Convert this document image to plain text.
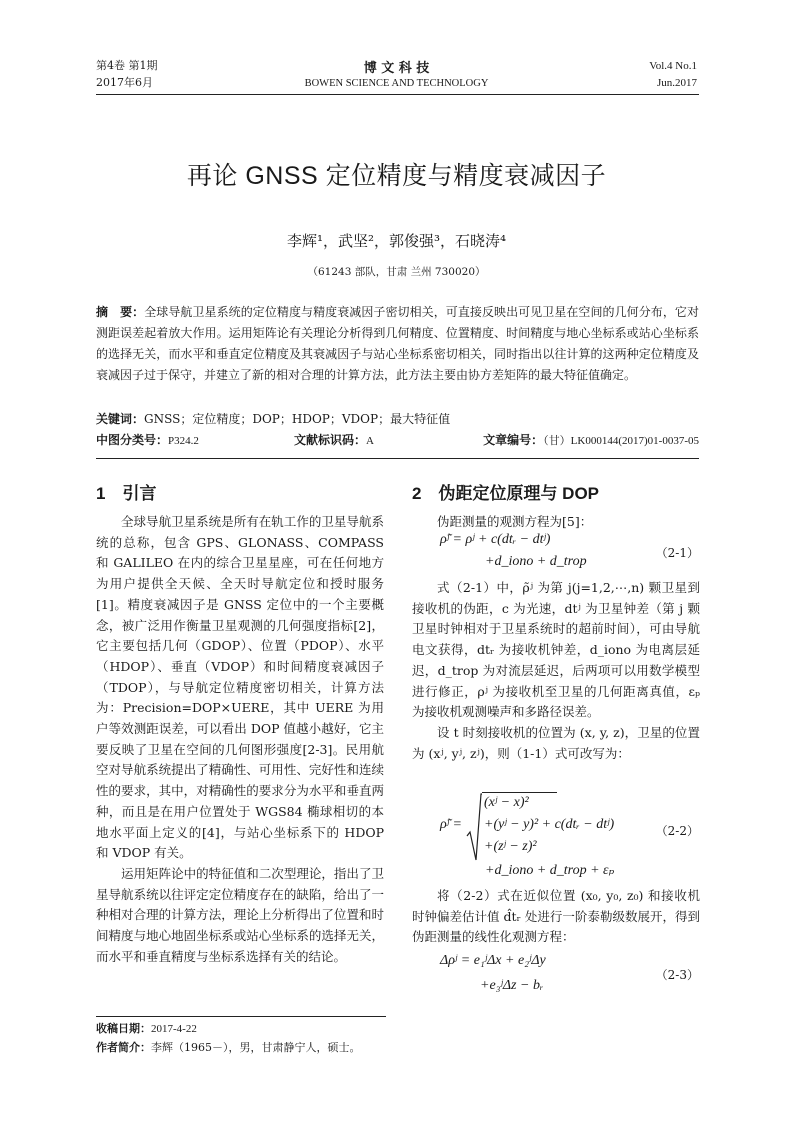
第4卷 第1期
2017年6月
博 文 科 技
BOWEN SCIENCE AND TECHNOLOGY
Vol.4 No.1
Jun.2017
再论 GNSS 定位精度与精度衰减因子
李辉¹，武坚²，郭俊强³，石晓涛⁴
（61243 部队，甘肃 兰州 730020）
摘　要：全球导航卫星系统的定位精度与精度衰减因子密切相关，可直接反映出可见卫星在空间的几何分布，它对测距误差起着放大作用。运用矩阵论有关理论分析得到几何精度、位置精度、时间精度与地心坐标系或站心坐标系的选择无关，而水平和垂直定位精度及其衰减因子与站心坐标系密切相关，同时指出以往计算的这两种定位精度及衰减因子过于保守，并建立了新的相对合理的计算方法，此方法主要由协方差矩阵的最大特征值确定。
关键词：GNSS；定位精度；DOP；HDOP；VDOP；最大特征值
中图分类号：P324.2	文献标识码：A	文章编号：（甘）LK000144(2017)01-0037-05
1　引言

全球导航卫星系统是所有在轨工作的卫星导航系统的总称，包含 GPS、GLONASS、COMPASS 和 GALILEO 在内的综合卫星星座，可在任何地方为用户提供全天候、全天时导航定位和授时服务[1]。精度衰减因子是 GNSS 定位中的一个主要概念，被广泛用作衡量卫星观测的几何强度指标[2]，它主要包括几何（GDOP）、位置（PDOP）、水平（HDOP）、垂直（VDOP）和时间精度衰减因子（TDOP），与导航定位精度密切相关，计算方法为：Precision=DOP×UERE，其中 UERE 为用户等效测距误差，可以看出 DOP 值越小越好，它主要反映了卫星在空间的几何图形强度[2-3]。民用航空对导航系统提出了精确性、可用性、完好性和连续性的要求，其中，对精确性的要求分为水平和垂直两种，而且是在用户位置处于 WGS84 椭球相切的本地水平面上定义的[4]，与站心坐标系下的 HDOP 和 VDOP 有关。

运用矩阵论中的特征值和二次型理论，指出了卫星导航系统以往评定定位精度存在的缺陷，给出了一种相对合理的计算方法，理论上分析得出了位置和时间精度与地心地固坐标系或站心坐标系的选择无关，而水平和垂直精度与坐标系选择有关的结论。

2　伪距定位原理与 DOP

伪距测量的观测方程为[5]：

ρ̃ʲ = ρʲ + c(dtᵣ − dtʲ)
+d_iono + d_trop
（2-1）

式（2-1）中，ρ̃ʲ 为第 j(j=1,2,⋯,n) 颗卫星到接收机的伪距，c 为光速，dtʲ 为卫星钟差（第 j 颗卫星时钟相对于卫星系统时的超前时间），可由导航电文获得，dtᵣ 为接收机钟差，d_iono 为电离层延迟，d_trop 为对流层延迟，后两项可以用数学模型进行修正，ρʲ 为接收机至卫星的几何距离真值，εₚ 为接收机观测噪声和多路径误差。

设 t 时刻接收机的位置为 (x, y, z)，卫星的位置为 (xʲ, yʲ, zʲ)，则（1-1）式可改写为：

ρ̃ʲ =
(xʲ − x)²
+(yʲ − y)² + c(dtᵣ − dtʲ)
+(zʲ − z)²
+d_iono + d_trop + εₚ
（2-2）

将（2-2）式在近似位置 (x₀, y₀, z₀) 和接收机时钟偏差估计值 d̂tᵣ 处进行一阶泰勒级数展开，得到伪距测量的线性化观测方程：

Δρʲ = e₁ʲΔx + e₂ʲΔy
+e₃ʲΔz − bᵣ
（2-3）
收稿日期：2017-4-22
作者简介：李辉（1965－），男，甘肃静宁人，硕士。
